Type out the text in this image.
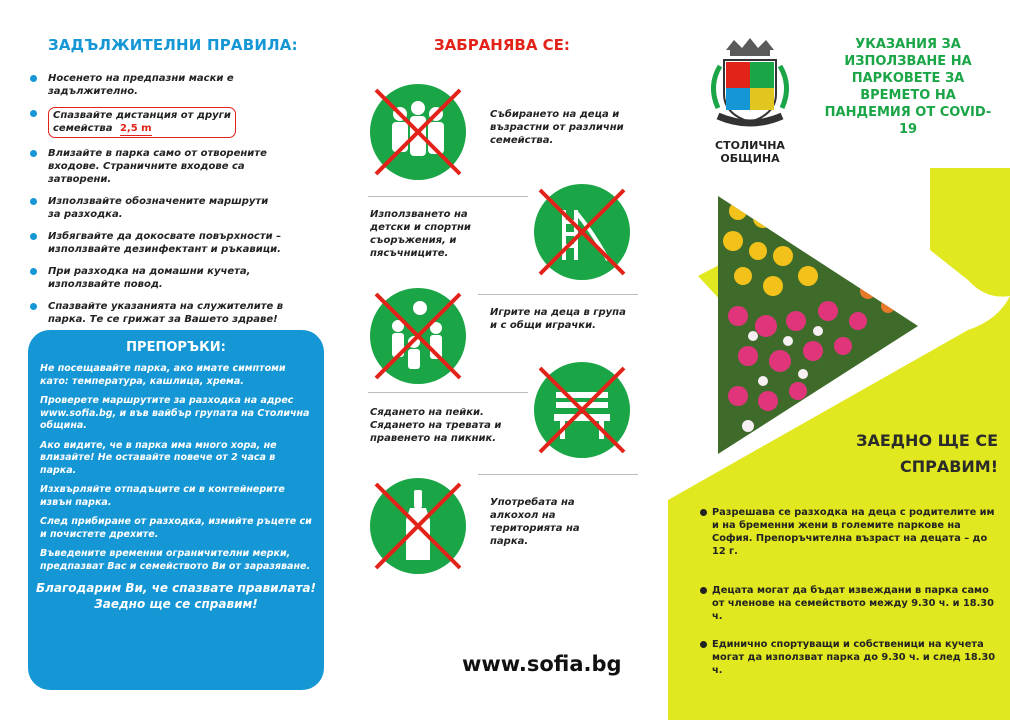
ЗАДЪЛЖИТЕЛНИ ПРАВИЛА:
Носенето на предпазни маски е задължително.
Спазвайте дистанция от други семейства 2,5 m
Влизайте в парка само от отворените входове. Страничните входове са затворени.
Използвайте обозначените маршрути за разходка.
Избягвайте да докосвате повърхности – използвайте дезинфектант и ръкавици.
При разходка на домашни кучета, използвайте повод.
Спазвайте указанията на служителите в парка. Те се грижат за Вашето здраве!
ПРЕПОРЪКИ:
Не посещавайте парка, ако имате симптоми като: температура, кашлица, хрема.
Проверете маршрутите за разходка на адрес www.sofia.bg, и във вайбър групата на Столична община.
Ако видите, че в парка има много хора, не влизайте! Не оставайте повече от 2 часа в парка.
Изхвърляйте отпадъците си в контейнерите извън парка.
След прибиране от разходка, измийте ръцете си и почистете дрехите.
Въведените временни ограничителни мерки, предпазват Вас и семейството Ви от заразяване.
Благодарим Ви, че спазвате правилата! Заедно ще се справим!
ЗАБРАНЯВА СЕ:
Събирането на деца и възрастни от различни семейства.
Използването на детски и спортни съоръжения, и пясъчниците.
Игрите на деца в група и с общи играчки.
Сядането на пейки. Сядането на тревата и правенето на пикник.
Употребата на алкохол на територията на парка.
www.sofia.bg
СТОЛИЧНА ОБЩИНА
УКАЗАНИЯ ЗА ИЗПОЛЗВАНЕ НА ПАРКОВЕТЕ ЗА ВРЕМЕТО НА ПАНДЕМИЯ ОТ COVID-19
ЗАЕДНО ЩЕ СЕ СПРАВИМ!
Разрешава се разходка на деца с родителите им и на бременни жени в големите паркове на София. Препоръчителна възраст на децата – до 12 г.
Децата могат да бъдат извеждани в парка само от членове на семейството между 9.30 ч. и 18.30 ч.
Единично спортуващи и собственици на кучета могат да използват парка до 9.30 ч. и след 18.30 ч.
